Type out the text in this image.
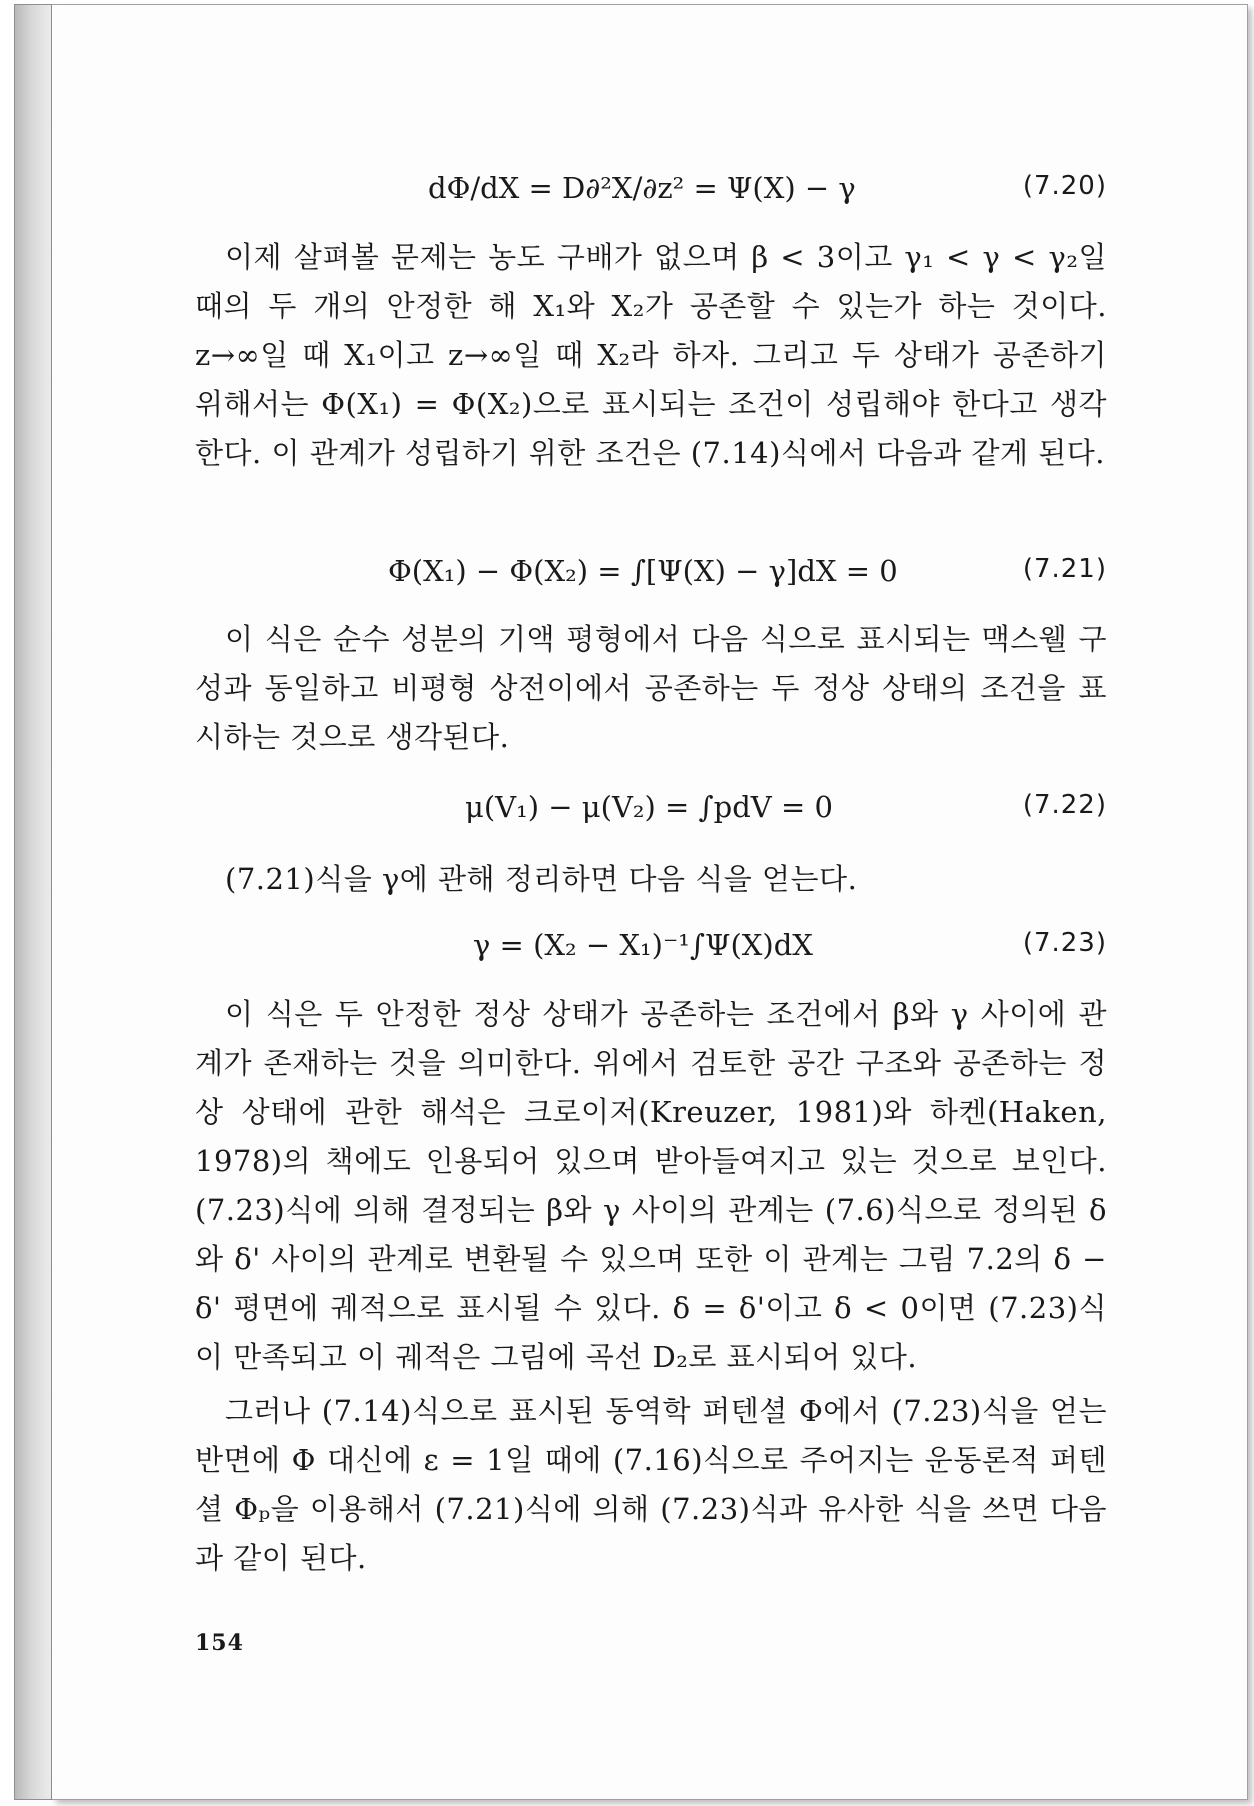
dΦ/dX = D∂²X/∂z² = Ψ(X) − γ	(7.20)

이제 살펴볼 문제는 농도 구배가 없으며 β < 3이고 γ₁ < γ < γ₂일 때의 두 개의 안정한 해 X₁와 X₂가 공존할 수 있는가 하는 것이다. z→∞일 때 X₁이고 z→∞일 때 X₂라 하자. 그리고 두 상태가 공존하기 위해서는 Φ(X₁) = Φ(X₂)으로 표시되는 조건이 성립해야 한다고 생각한다. 이 관계가 성립하기 위한 조건은 (7.14)식에서 다음과 같게 된다.

Φ(X₁) − Φ(X₂) = ∫[Ψ(X) − γ]dX = 0	(7.21)

이 식은 순수 성분의 기액 평형에서 다음 식으로 표시되는 맥스웰 구성과 동일하고 비평형 상전이에서 공존하는 두 정상 상태의 조건을 표시하는 것으로 생각된다.

μ(V₁) − μ(V₂) = ∫pdV = 0	(7.22)

(7.21)식을 γ에 관해 정리하면 다음 식을 얻는다.

γ = (X₂ − X₁)⁻¹∫Ψ(X)dX	(7.23)

이 식은 두 안정한 정상 상태가 공존하는 조건에서 β와 γ 사이에 관계가 존재하는 것을 의미한다. 위에서 검토한 공간 구조와 공존하는 정상 상태에 관한 해석은 크로이저(Kreuzer, 1981)와 하켄(Haken, 1978)의 책에도 인용되어 있으며 받아들여지고 있는 것으로 보인다. (7.23)식에 의해 결정되는 β와 γ 사이의 관계는 (7.6)식으로 정의된 δ와 δ' 사이의 관계로 변환될 수 있으며 또한 이 관계는 그림 7.2의 δ − δ' 평면에 궤적으로 표시될 수 있다. δ = δ'이고 δ < 0이면 (7.23)식이 만족되고 이 궤적은 그림에 곡선 D₂로 표시되어 있다.

그러나 (7.14)식으로 표시된 동역학 퍼텐셜 Φ에서 (7.23)식을 얻는 반면에 Φ 대신에 ε = 1일 때에 (7.16)식으로 주어지는 운동론적 퍼텐셜 Φₚ을 이용해서 (7.21)식에 의해 (7.23)식과 유사한 식을 쓰면 다음과 같이 된다.

154
